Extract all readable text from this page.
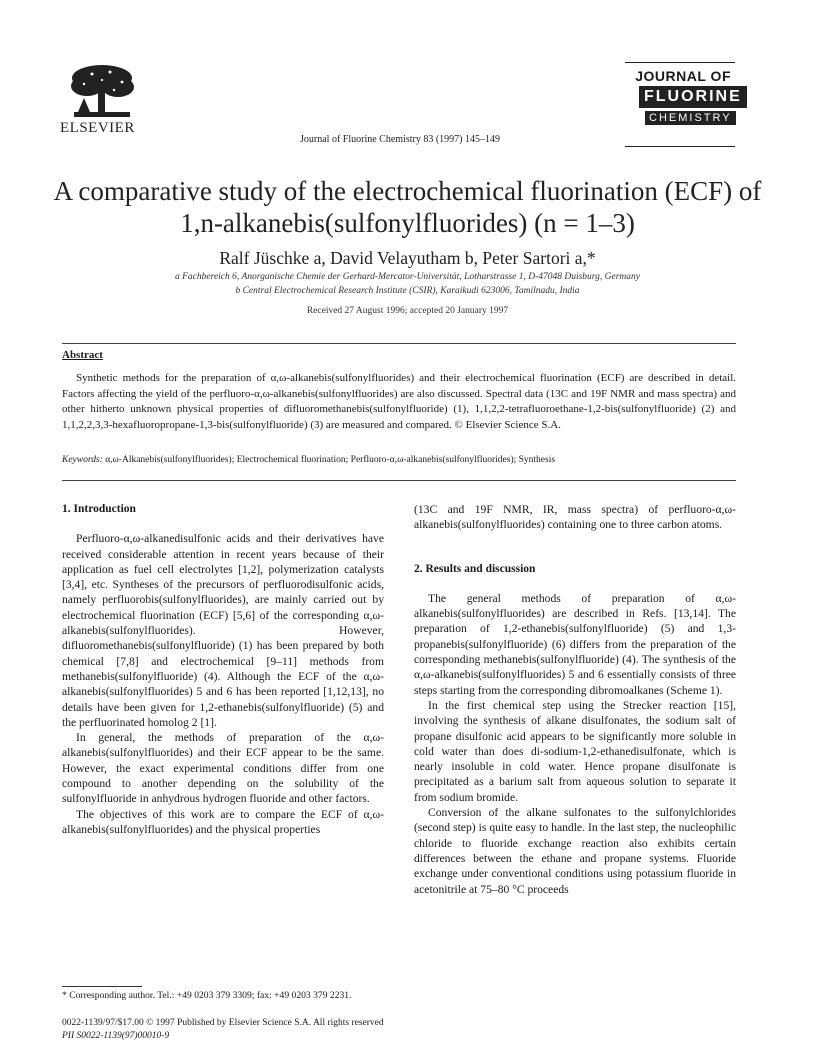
ELSEVIER
Journal of Fluorine Chemistry 83 (1997) 145–149
JOURNAL OF
FLUORINE CHEMISTRY
A comparative study of the electrochemical fluorination (ECF) of
1,n-alkanebis(sulfonylfluorides) (n = 1–3)
Ralf Jüschke a, David Velayutham b, Peter Sartori a,*
a Fachbereich 6, Anorganische Chemie der Gerhard-Mercator-Universität, Lotharstrasse 1, D-47048 Duisburg, Germany
b Central Electrochemical Research Institute (CSIR), Karaikudi 623006, Tamilnadu, India
Received 27 August 1996; accepted 20 January 1997
Abstract
Synthetic methods for the preparation of α,ω-alkanebis(sulfonylfluorides) and their electrochemical fluorination (ECF) are described in detail. Factors affecting the yield of the perfluoro-α,ω-alkanebis(sulfonylfluorides) are also discussed. Spectral data (13C and 19F NMR and mass spectra) and other hitherto unknown physical properties of difluoromethanebis(sulfonylfluoride) (1), 1,1,2,2-tetrafluoroethane-1,2-bis(sulfonylfluoride) (2) and 1,1,2,2,3,3-hexafluoropropane-1,3-bis(sulfonylfluoride) (3) are measured and compared. © Elsevier Science S.A.
Keywords: α,ω-Alkanebis(sulfonylfluorides); Electrochemical fluorination; Perfluoro-α,ω-alkanebis(sulfonylfluorides); Synthesis
1. Introduction

Perfluoro-α,ω-alkanedisulfonic acids and their derivatives have received considerable attention in recent years because of their application as fuel cell electrolytes [1,2], polymerization catalysts [3,4], etc. Syntheses of the precursors of perfluorodisulfonic acids, namely perfluorobis(sulfonylfluorides), are mainly carried out by electrochemical fluorination (ECF) [5,6] of the corresponding α,ω-alkanebis(sulfonylfluorides). However, difluoromethanebis(sulfonylfluoride) (1) has been prepared by both chemical [7,8] and electrochemical [9–11] methods from methanebis(sulfonylfluoride) (4). Although the ECF of the α,ω-alkanebis(sulfonylfluorides) 5 and 6 has been reported [1,12,13], no details have been given for 1,2-ethanebis(sulfonylfluoride) (5) and the perfluorinated homolog 2 [1].

In general, the methods of preparation of the α,ω-alkanebis(sulfonylfluorides) and their ECF appear to be the same. However, the exact experimental conditions differ from one compound to another depending on the solubility of the sulfonylfluoride in anhydrous hydrogen fluoride and other factors.

The objectives of this work are to compare the ECF of α,ω-alkanebis(sulfonylfluorides) and the physical properties

* Corresponding author. Tel.: +49 0203 379 3309; fax: +49 0203 379 2231.

(13C and 19F NMR, IR, mass spectra) of perfluoro-α,ω-alkanebis(sulfonylfluorides) containing one to three carbon atoms.

2. Results and discussion

The general methods of preparation of α,ω-alkanebis(sulfonylfluorides) are described in Refs. [13,14]. The preparation of 1,2-ethanebis(sulfonylfluoride) (5) and 1,3-propanebis(sulfonylfluoride) (6) differs from the preparation of the corresponding methanebis(sulfonylfluoride) (4). The synthesis of the α,ω-alkanebis(sulfonylfluorides) 5 and 6 essentially consists of three steps starting from the corresponding dibromoalkanes (Scheme 1).

In the first chemical step using the Strecker reaction [15], involving the synthesis of alkane disulfonates, the sodium salt of propane disulfonic acid appears to be significantly more soluble in cold water than does di-sodium-1,2-ethanedisulfonate, which is nearly insoluble in cold water. Hence propane disulfonate is precipitated as a barium salt from aqueous solution to separate it from sodium bromide.

Conversion of the alkane sulfonates to the sulfonylchlorides (second step) is quite easy to handle. In the last step, the nucleophilic chloride to fluoride exchange reaction also exhibits certain differences between the ethane and propane systems. Fluoride exchange under conventional conditions using potassium fluoride in acetonitrile at 75–80 °C proceeds

0022-1139/97/$17.00 © 1997 Published by Elsevier Science S.A. All rights reserved
PII S0022-1139(97)00010-9
